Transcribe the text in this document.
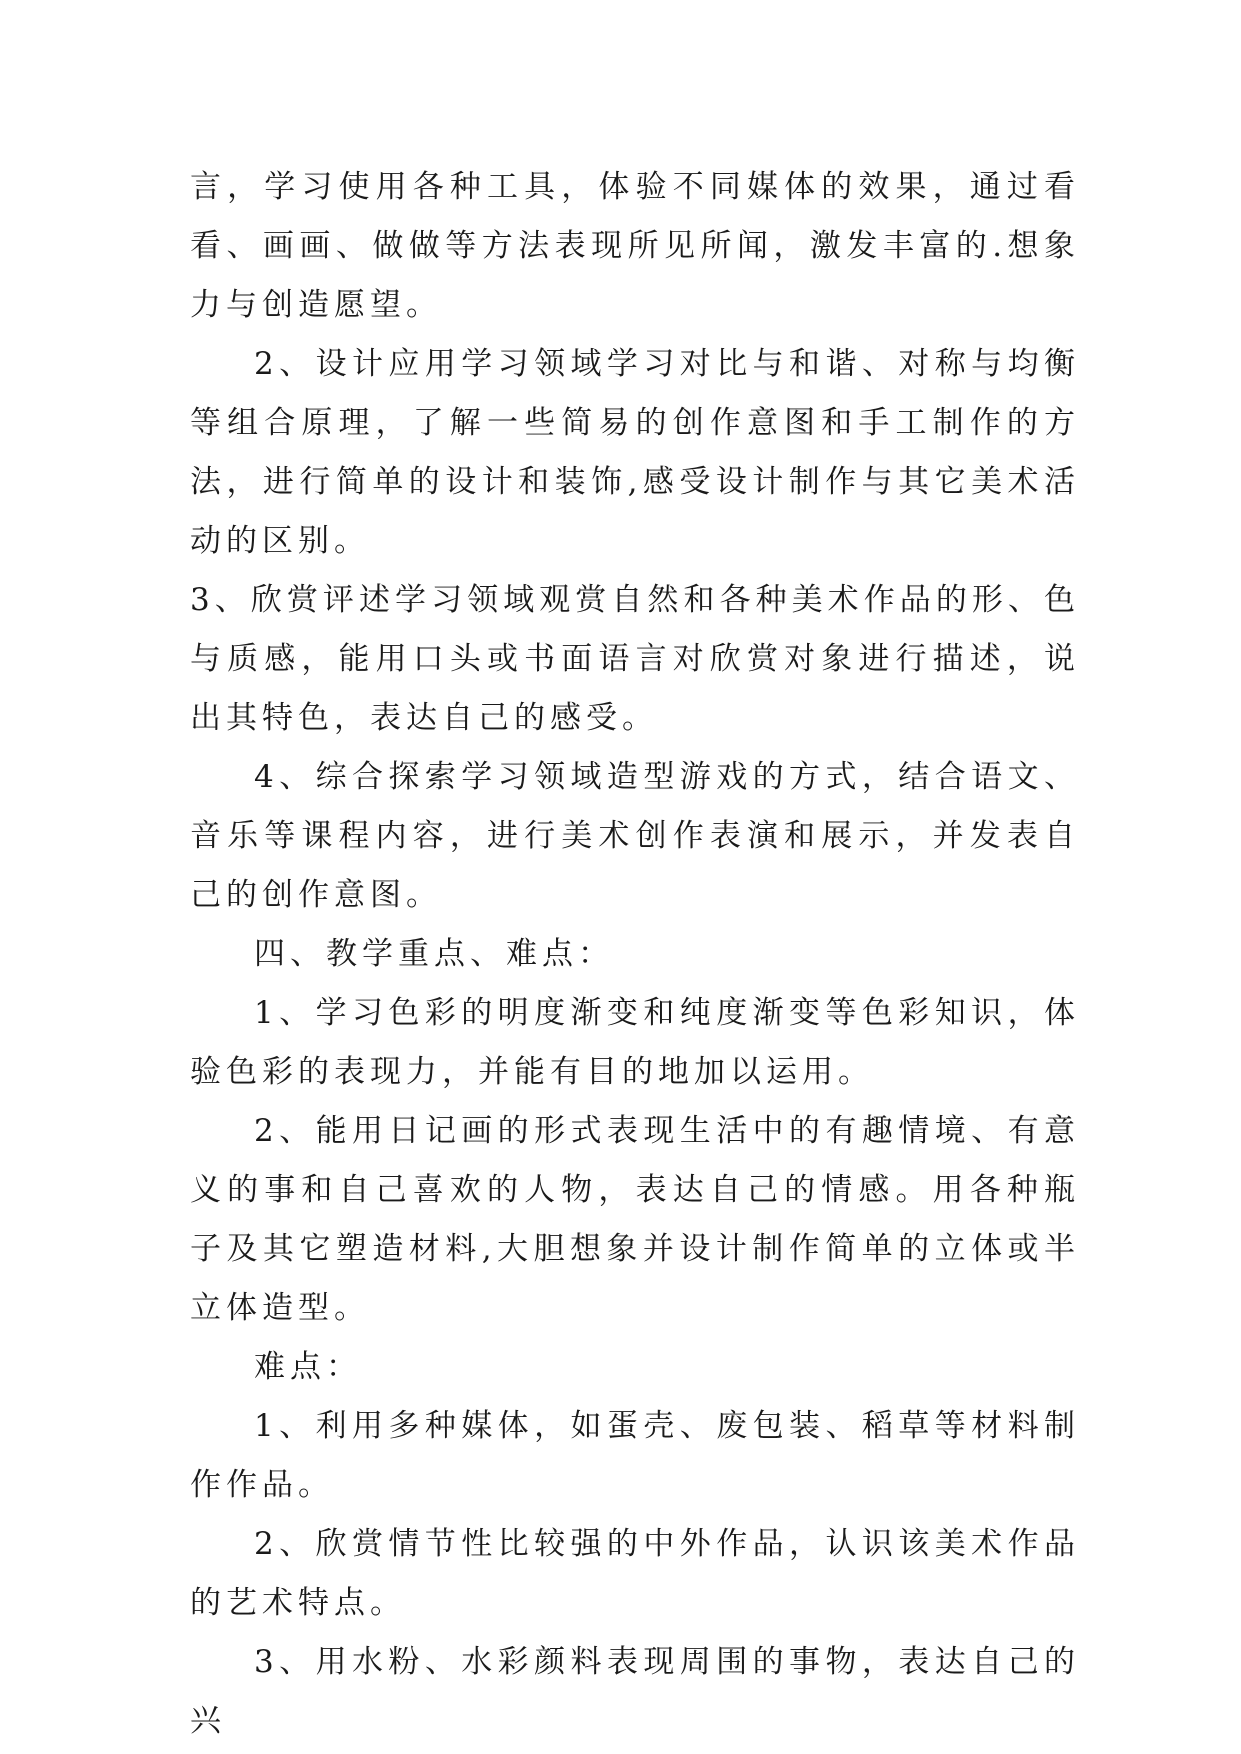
言，学习使用各种工具，体验不同媒体的效果，通过看看、画画、做做等方法表现所见所闻，激发丰富的.想象力与创造愿望。

2、设计应用学习领域学习对比与和谐、对称与均衡等组合原理，了解一些简易的创作意图和手工制作的方法，进行简单的设计和装饰,感受设计制作与其它美术活动的区别。

3、欣赏评述学习领域观赏自然和各种美术作品的形、色与质感，能用口头或书面语言对欣赏对象进行描述，说出其特色，表达自己的感受。

4、综合探索学习领域造型游戏的方式，结合语文、音乐等课程内容，进行美术创作表演和展示，并发表自己的创作意图。

四、教学重点、难点：

1、学习色彩的明度渐变和纯度渐变等色彩知识，体验色彩的表现力，并能有目的地加以运用。

2、能用日记画的形式表现生活中的有趣情境、有意义的事和自己喜欢的人物，表达自己的情感。用各种瓶子及其它塑造材料,大胆想象并设计制作简单的立体或半立体造型。

难点：

1、利用多种媒体，如蛋壳、废包装、稻草等材料制作作品。

2、欣赏情节性比较强的中外作品，认识该美术作品的艺术特点。

3、用水粉、水彩颜料表现周围的事物，表达自己的兴
